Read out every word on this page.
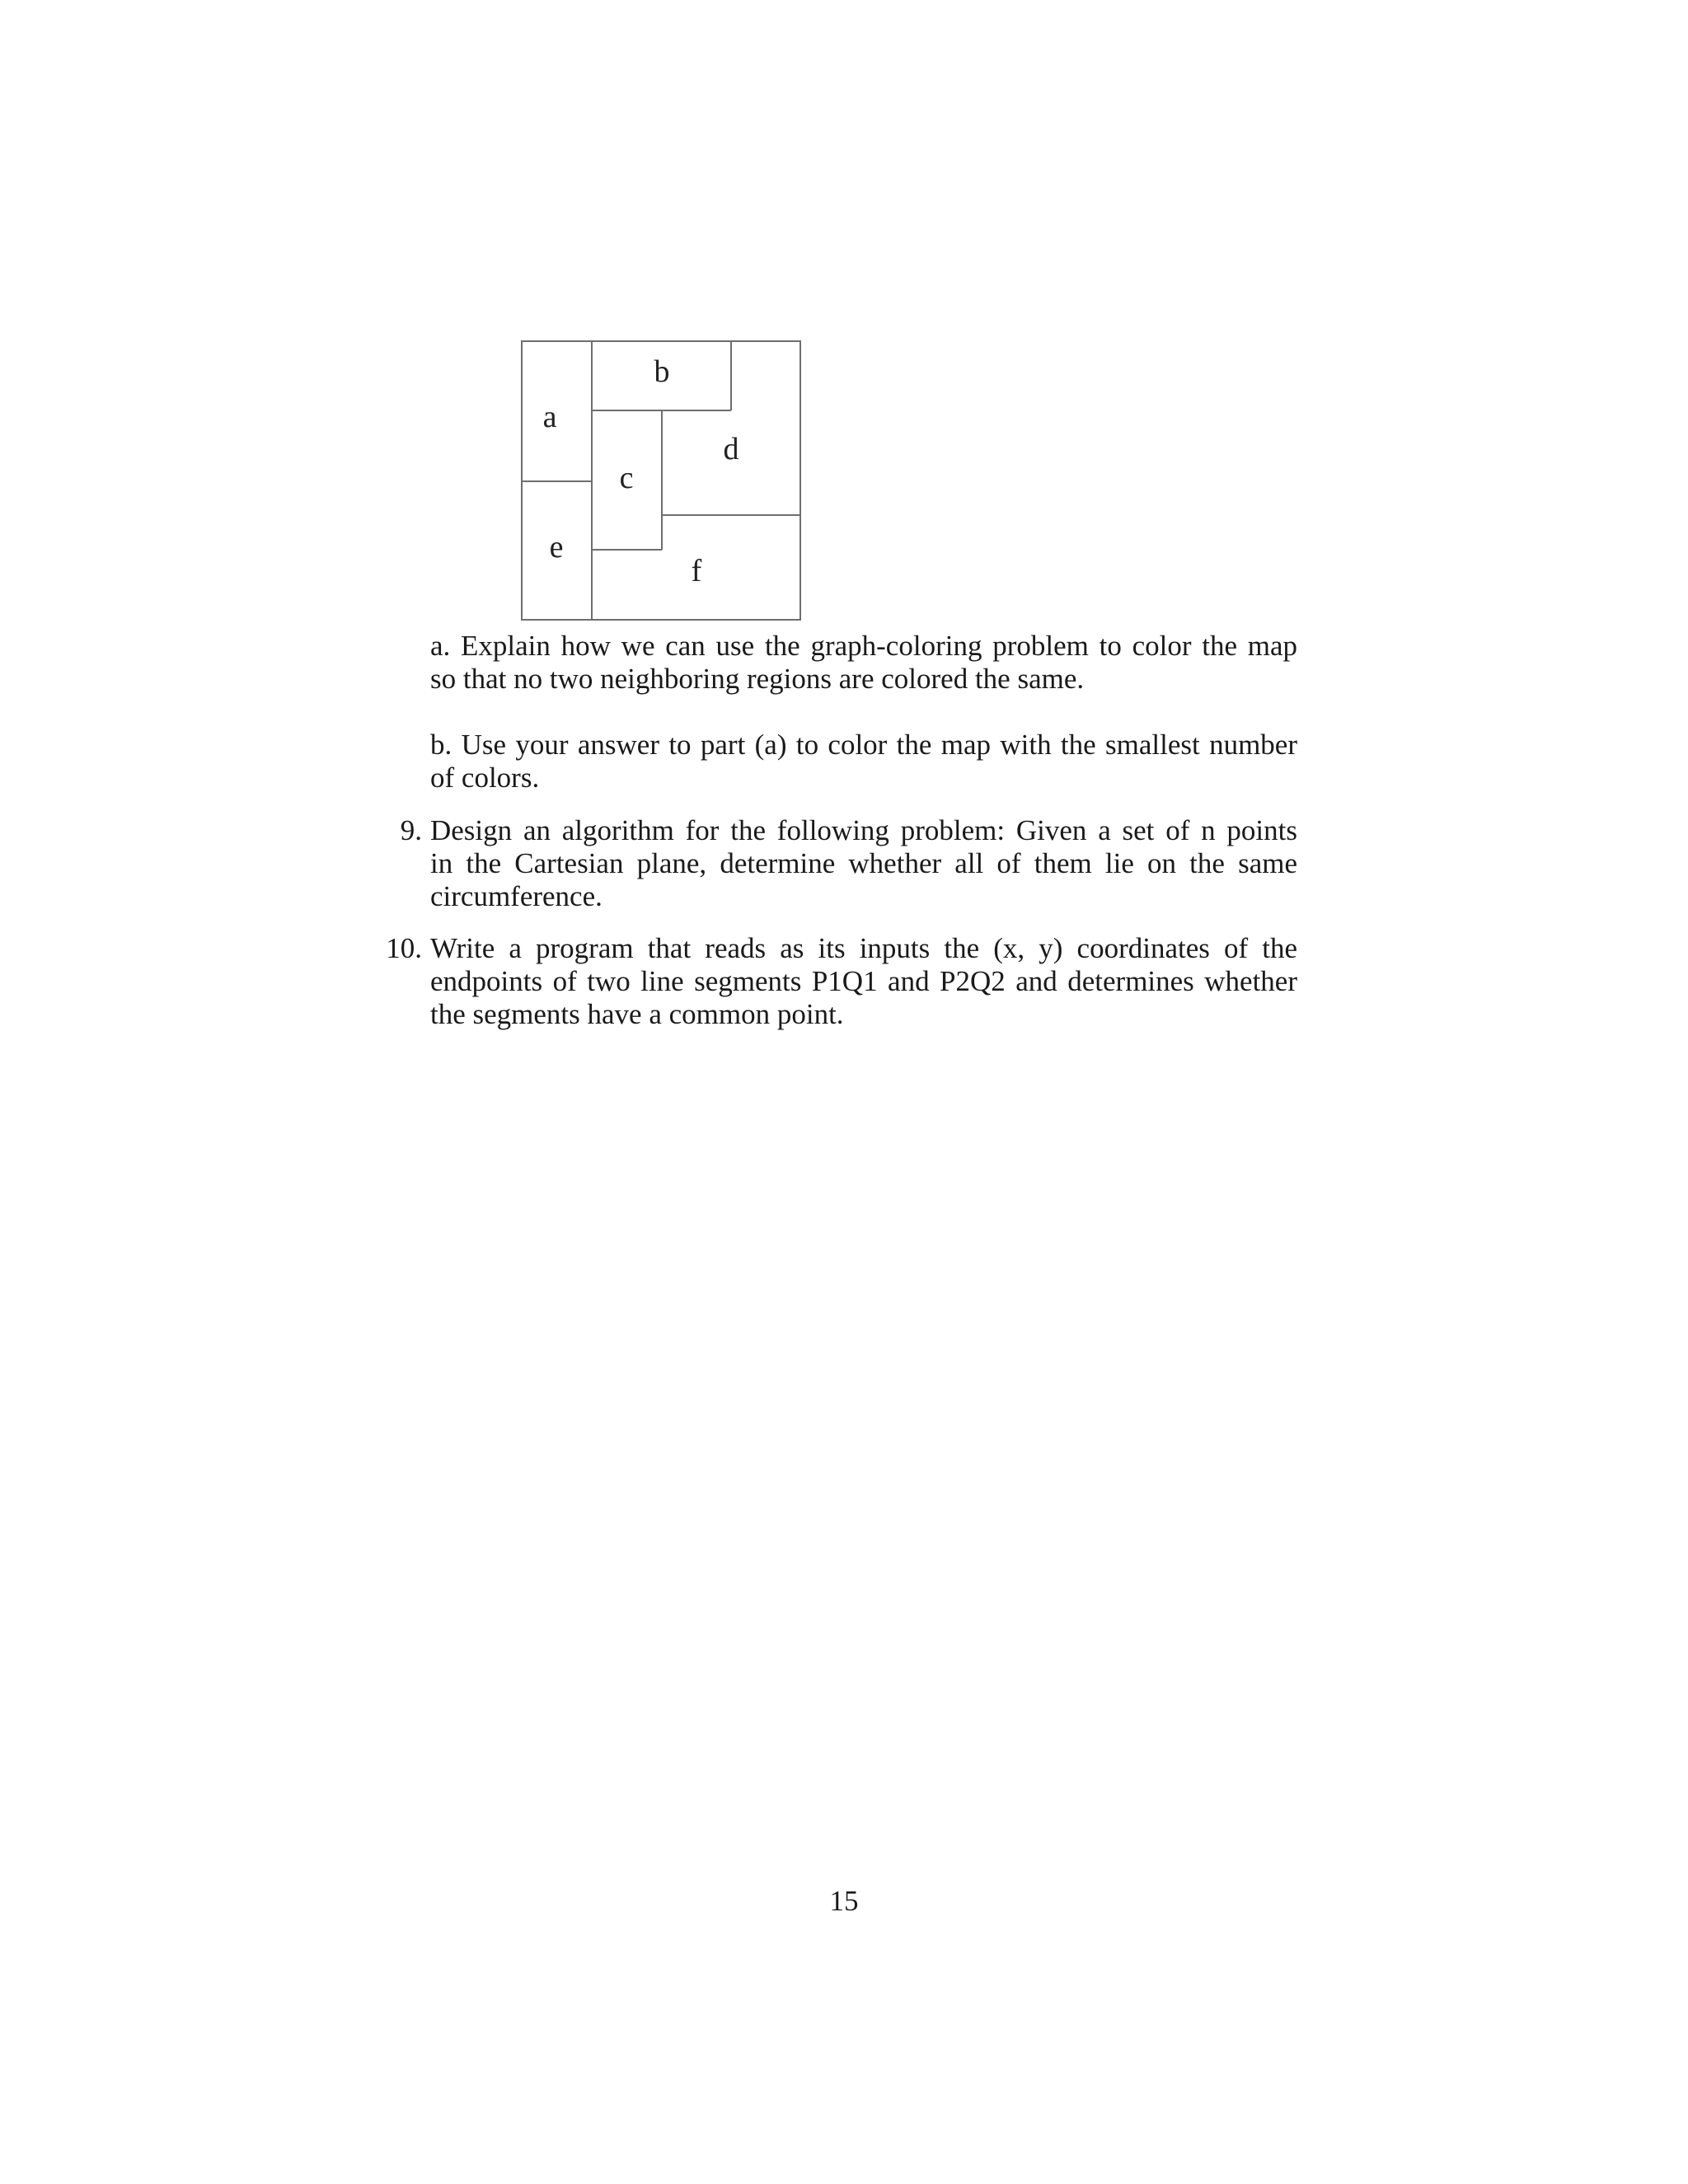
a
b
c
d
e
f
a. Explain how we can use the graph-coloring problem to color the map
so that no two neighboring regions are colored the same.
b. Use your answer to part (a) to color the map with the smallest number
of colors.
9. Design an algorithm for the following problem: Given a set of n points
in the Cartesian plane, determine whether all of them lie on the same
circumference.
10. Write a program that reads as its inputs the (x, y) coordinates of the
endpoints of two line segments P1Q1 and P2Q2 and determines whether
the segments have a common point.
15
